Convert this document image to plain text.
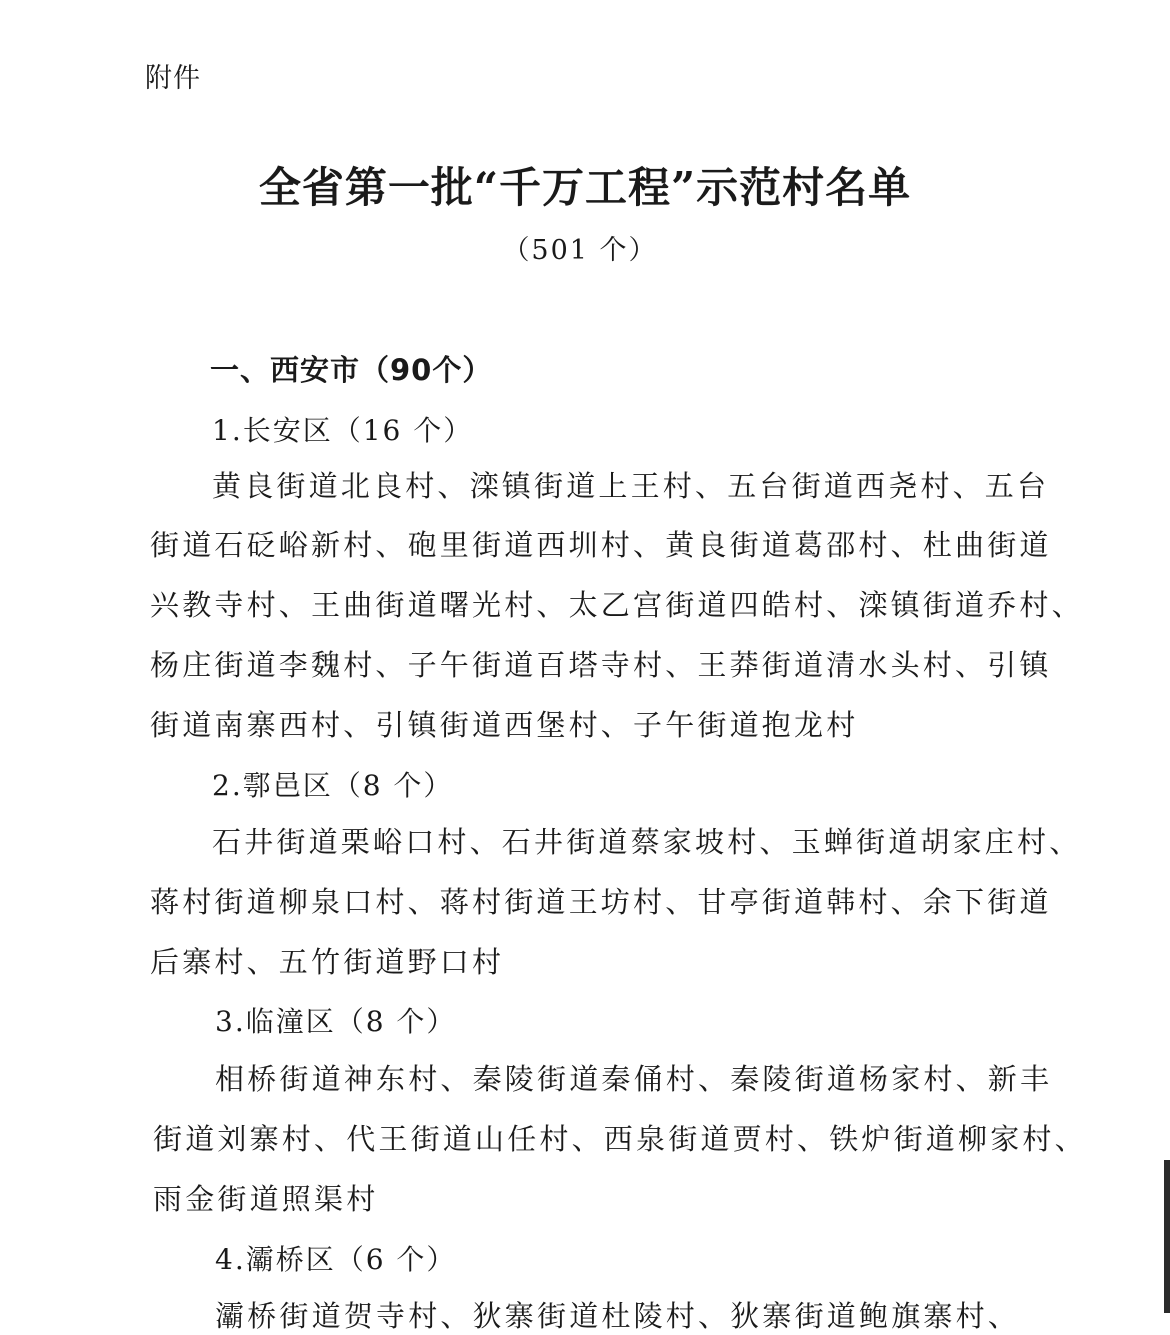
附件
全省第一批“千万工程”示范村名单
（501 个）
一、西安市（90个）
1.长安区（16 个）
黄良街道北良村、滦镇街道上王村、五台街道西尧村、五台
街道石砭峪新村、砲里街道西圳村、黄良街道葛邵村、杜曲街道
兴教寺村、王曲街道曙光村、太乙宫街道四皓村、滦镇街道乔村、
杨庄街道李魏村、子午街道百塔寺村、王莽街道清水头村、引镇
街道南寨西村、引镇街道西堡村、子午街道抱龙村
2.鄠邑区（8 个）
石井街道栗峪口村、石井街道蔡家坡村、玉蝉街道胡家庄村、
蒋村街道柳泉口村、蒋村街道王坊村、甘亭街道韩村、余下街道
后寨村、五竹街道野口村
3.临潼区（8 个）
相桥街道神东村、秦陵街道秦俑村、秦陵街道杨家村、新丰
街道刘寨村、代王街道山任村、西泉街道贾村、铁炉街道柳家村、
雨金街道照渠村
4.灞桥区（6 个）
灞桥街道贺寺村、狄寨街道杜陵村、狄寨街道鲍旗寨村、
